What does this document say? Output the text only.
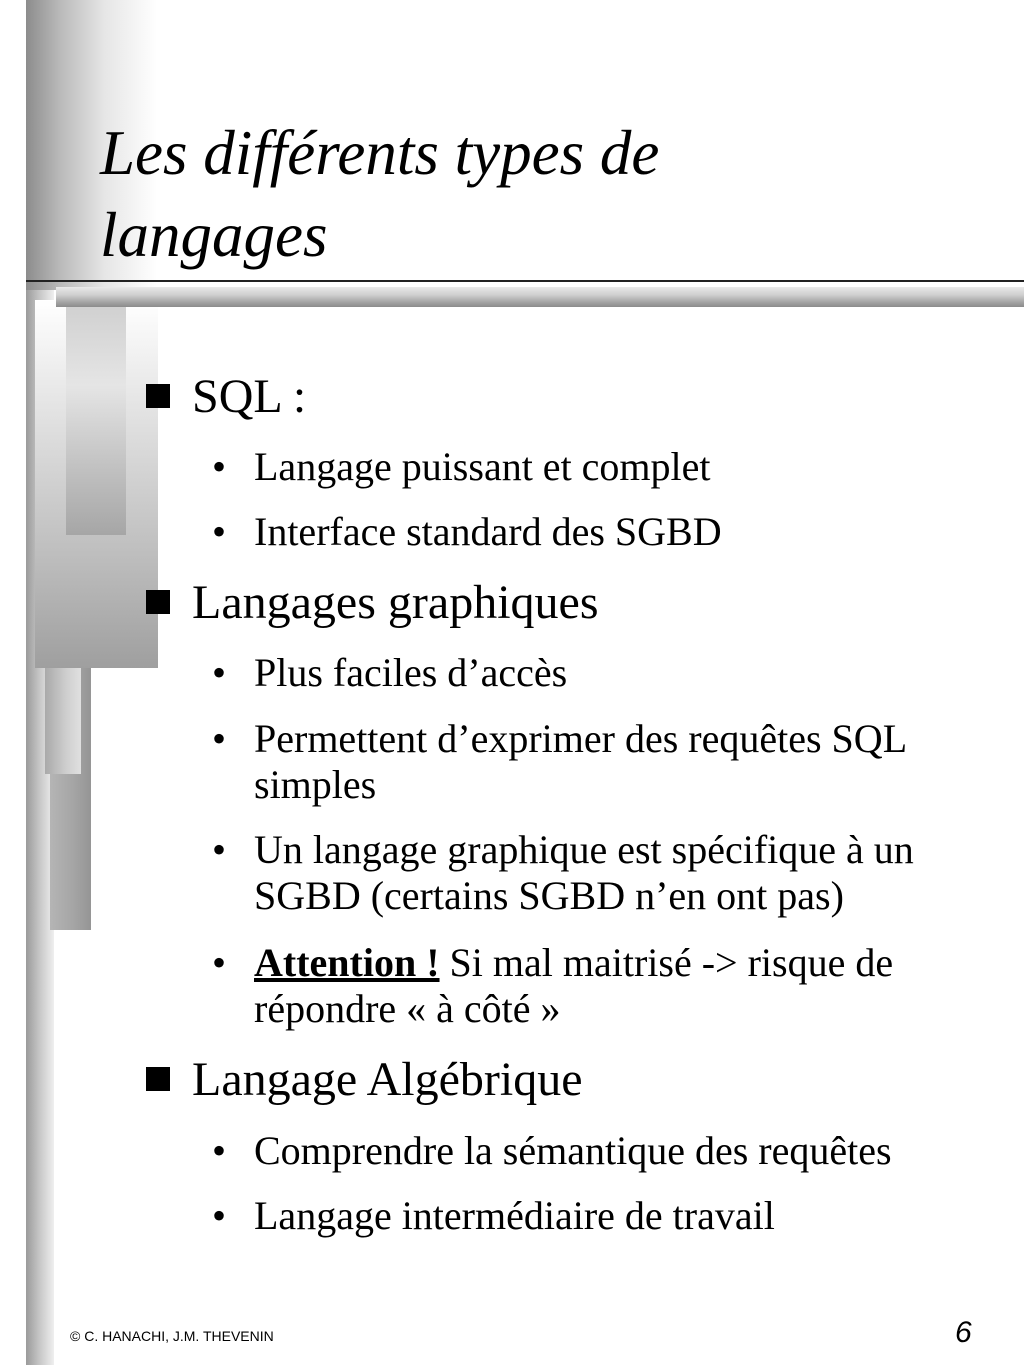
Les différents types de langages
SQL :
• Langage puissant et complet
• Interface standard des SGBD
Langages graphiques
• Plus faciles d’accès
• Permettent d’exprimer des requêtes SQL simples
• Un langage graphique est spécifique à un SGBD (certains SGBD n’en ont pas)
• Attention ! Si mal maitrisé -> risque de répondre « à côté »
Langage Algébrique
• Comprendre la sémantique des requêtes
• Langage intermédiaire de travail
© C. HANACHI, J.M. THEVENIN	6
